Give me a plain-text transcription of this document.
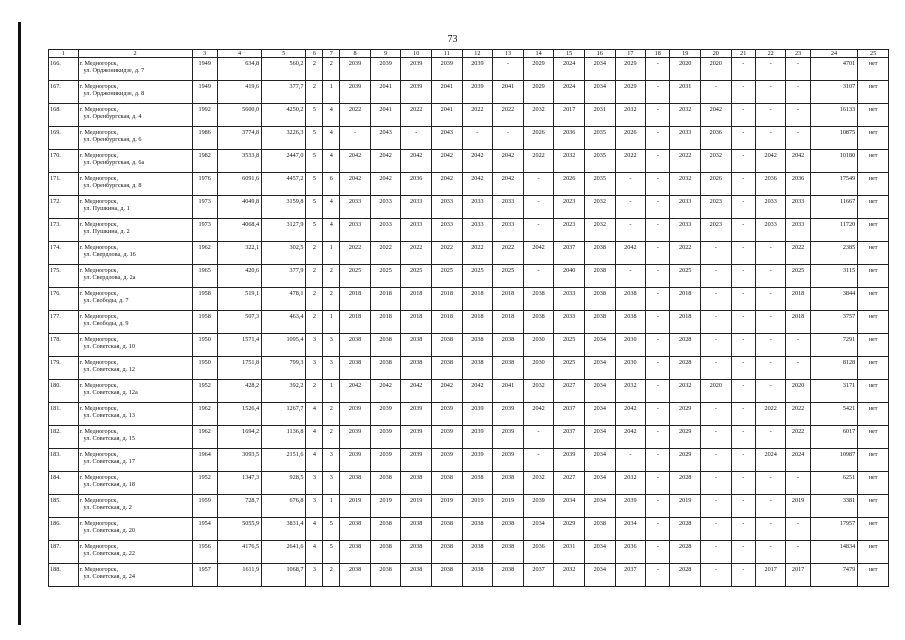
73
1	2	3	4	5	6	7	8	9	10	11	12	13	14	15	16	17	18	19	20	21	22	23	24	25
166.	г. Медногорск,
ул. Орджоникидзе, д. 7	1949	634,8	560,2	2	2	2039	2039	2039	2039	2039	-	2029	2024	2034	2029	-	2020	2020	-	-	-	4701	нет
167.	г. Медногорск,
ул. Орджоникидзе, д. 8	1949	419,6	377,7	2	1	2039	2041	2039	2041	2039	2041	2029	2024	2034	2029	-	2031	-	-	-	-	3107	нет
168.	г. Медногорск,
ул. Оренбургская, д. 4	1992	5600,0	4250,2	5	4	2022	2041	2022	2041	2022	2022	2032	2017	2031	2032	-	2032	2042	-	-	-	16133	нет
169.	г. Медногорск,
ул. Оренбургская, д. 6	1986	3774,8	3226,3	5	4	-	2043	-	2043	-	-	2026	2036	2035	2026	-	2033	2036	-	-	-	10875	нет
170.	г. Медногорск,
ул. Оренбургская, д. 6а	1982	3533,8	2447,0	5	4	2042	2042	2042	2042	2042	2042	2022	2032	2035	2022	-	2022	2032	-	2042	2042	10180	нет
171.	г. Медногорск,
ул. Оренбургская, д. 8	1976	6091,6	4457,2	5	6	2042	2042	2036	2042	2042	2042	-	2026	2035	-	-	2032	2026	-	2036	2036	17549	нет
172.	г. Медногорск,
ул. Пушкина, д. 1	1973	4049,8	3159,8	5	4	2033	2033	2033	2033	2033	2033	-	2023	2032	-	-	2033	2023	-	2033	2033	11667	нет
173.	г. Медногорск,
ул. Пушкина, д. 2	1973	4068,4	3127,9	5	4	2033	2033	2033	2033	2033	2033	-	2023	2032	-	-	2033	2023	-	2033	2033	11720	нет
174.	г. Медногорск,
ул. Свердлова, д. 16	1962	322,1	302,5	2	1	2022	2022	2022	2022	2022	2022	2042	2037	2038	2042	-	2022	-	-	-	2022	2385	нет
175.	г. Медногорск,
ул. Свердлова, д. 2а	1965	420,6	377,9	2	2	2025	2025	2025	2025	2025	2025	-	2040	2038	-	-	2025	-	-	-	2025	3115	нет
176.	г. Медногорск,
ул. Свободы, д. 7	1958	519,1	478,1	2	2	2018	2018	2018	2018	2018	2018	2038	2033	2038	2038	-	2018	-	-	-	2018	3844	нет
177.	г. Медногорск,
ул. Свободы, д. 9	1958	507,3	463,4	2	1	2018	2018	2018	2018	2018	2018	2038	2033	2038	2038	-	2018	-	-	-	2018	3757	нет
178.	г. Медногорск,
ул. Советская, д. 10	1950	1571,4	1095,4	3	3	2038	2038	2038	2038	2038	2038	2030	2025	2034	2030	-	2028	-	-	-	-	7291	нет
179.	г. Медногорск,
ул. Советская, д. 12	1950	1751,8	799,3	3	3	2038	2038	2038	2038	2038	2038	2030	2025	2034	2030	-	2028	-	-	-	-	8128	нет
180.	г. Медногорск,
ул. Советская, д. 12а	1952	428,2	392,2	2	1	2042	2042	2042	2042	2042	2041	2032	2027	2034	2032	-	2032	2020	-	-	2020	3171	нет
181.	г. Медногорск,
ул. Советская, д. 13	1962	1526,4	1267,7	4	2	2039	2039	2039	2039	2039	2039	2042	2037	2034	2042	-	2029	-	-	2022	2022	5421	нет
182.	г. Медногорск,
ул. Советская, д. 15	1962	1694,2	1136,8	4	2	2039	2039	2039	2039	2039	2039	-	2037	2034	2042	-	2029	-	-	-	2022	6017	нет
183.	г. Медногорск,
ул. Советская, д. 17	1964	3093,5	2151,6	4	3	2039	2039	2039	2039	2039	2039	-	2039	2034	-	-	2029	-	-	2024	2024	10987	нет
184.	г. Медногорск,
ул. Советская, д. 18	1952	1347,3	928,5	3	3	2038	2038	2038	2038	2038	2038	2032	2027	2034	2032	-	2028	-	-	-	-	6251	нет
185.	г. Медногорск,
ул. Советская, д. 2	1959	728,7	676,8	3	1	2019	2019	2019	2019	2019	2019	2039	2034	2034	2039	-	2019	-	-	-	2019	3381	нет
186.	г. Медногорск,
ул. Советская, д. 20	1954	5055,9	3831,4	4	5	2038	2038	2038	2038	2038	2038	2034	2029	2038	2034	-	2028	-	-	-	-	17957	нет
187.	г. Медногорск,
ул. Советская, д. 22	1956	4176,5	2641,6	4	5	2038	2038	2038	2038	2038	2038	2036	2031	2034	2036	-	2028	-	-	-	-	14834	нет
188.	г. Медногорск,
ул. Советская, д. 24	1957	1611,9	1068,7	3	2	2038	2038	2038	2038	2038	2038	2037	2032	2034	2037	-	2028	-	-	2017	2017	7479	нет
